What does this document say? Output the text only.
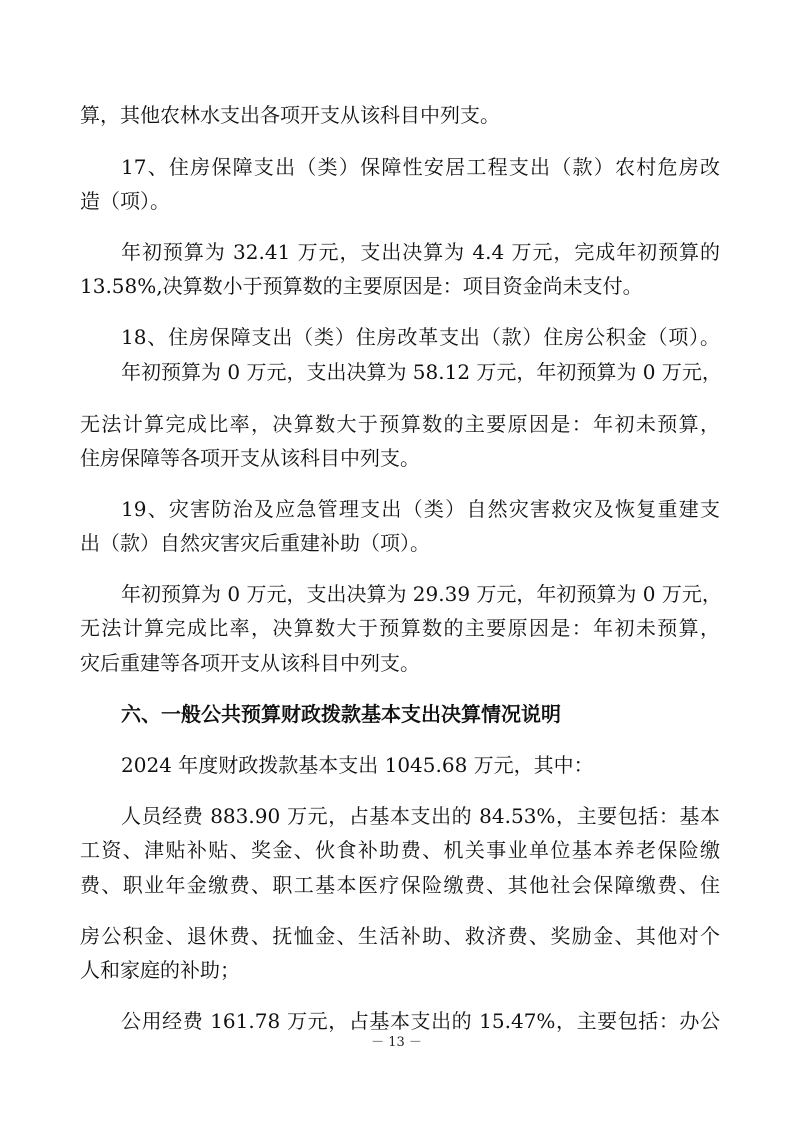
算，其他农林水支出各项开支从该科目中列支。
17、住房保障支出（类）保障性安居工程支出（款）农村危房改
造（项）。
年初预算为 32.41 万元，支出决算为 4.4 万元，完成年初预算的
13.58%,决算数小于预算数的主要原因是：项目资金尚未支付。
18、住房保障支出（类）住房改革支出（款）住房公积金（项）。
年初预算为 0 万元，支出决算为 58.12 万元，年初预算为 0 万元，
无法计算完成比率，决算数大于预算数的主要原因是：年初未预算，
住房保障等各项开支从该科目中列支。
19、灾害防治及应急管理支出（类）自然灾害救灾及恢复重建支
出（款）自然灾害灾后重建补助（项）。
年初预算为 0 万元，支出决算为 29.39 万元，年初预算为 0 万元，
无法计算完成比率，决算数大于预算数的主要原因是：年初未预算，
灾后重建等各项开支从该科目中列支。
六、一般公共预算财政拨款基本支出决算情况说明
2024 年度财政拨款基本支出 1045.68 万元，其中：
人员经费 883.90 万元，占基本支出的 84.53%，主要包括：基本
工资、津贴补贴、奖金、伙食补助费、机关事业单位基本养老保险缴
费、职业年金缴费、职工基本医疗保险缴费、其他社会保障缴费、住
房公积金、退休费、抚恤金、生活补助、救济费、奖励金、其他对个
人和家庭的补助；
公用经费 161.78 万元，占基本支出的 15.47%，主要包括：办公
－ 13 －
